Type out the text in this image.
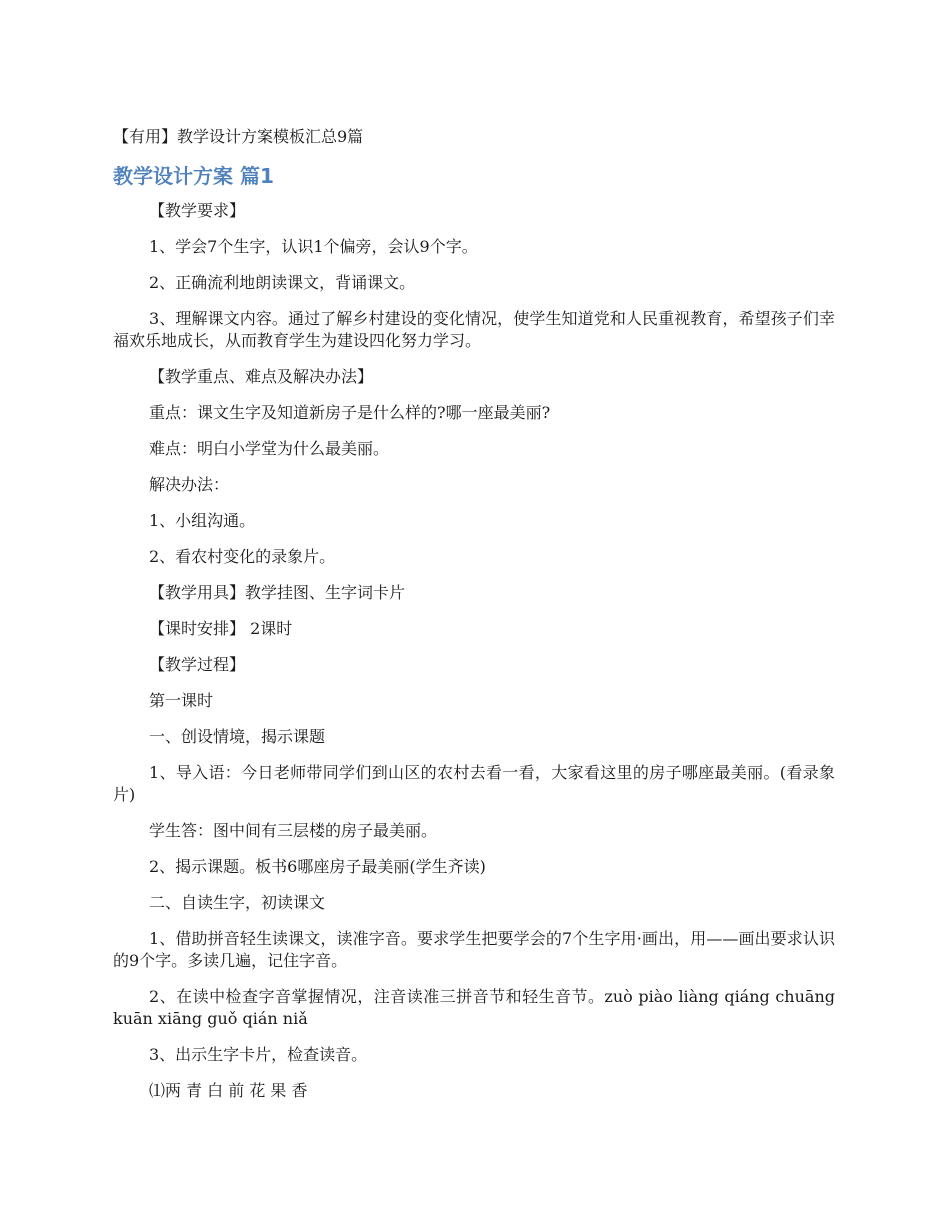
【有用】教学设计方案模板汇总9篇
教学设计方案 篇1

【教学要求】

1、学会7个生字，认识1个偏旁，会认9个字。

2、正确流利地朗读课文，背诵课文。

3、理解课文内容。通过了解乡村建设的变化情况，使学生知道党和人民重视教育，希望孩子们幸福欢乐地成长，从而教育学生为建设四化努力学习。

【教学重点、难点及解决办法】

重点：课文生字及知道新房子是什么样的?哪一座最美丽?

难点：明白小学堂为什么最美丽。

解决办法：

1、小组沟通。

2、看农村变化的录象片。

【教学用具】教学挂图、生字词卡片

【课时安排】 2课时

【教学过程】

第一课时

一、创设情境，揭示课题

1、导入语：今日老师带同学们到山区的农村去看一看，大家看这里的房子哪座最美丽。(看录象片)

学生答：图中间有三层楼的房子最美丽。

2、揭示课题。板书6哪座房子最美丽(学生齐读)

二、自读生字，初读课文

1、借助拼音轻生读课文，读准字音。要求学生把要学会的7个生字用·画出，用——画出要求认识的9个字。多读几遍，记住字音。

2、在读中检查字音掌握情况，注音读准三拼音节和轻生音节。zuò piào liàng qiáng chuāng kuān xiāng guǒ qián niǎ

3、出示生字卡片，检查读音。

⑴两 青 白 前 花 果 香
